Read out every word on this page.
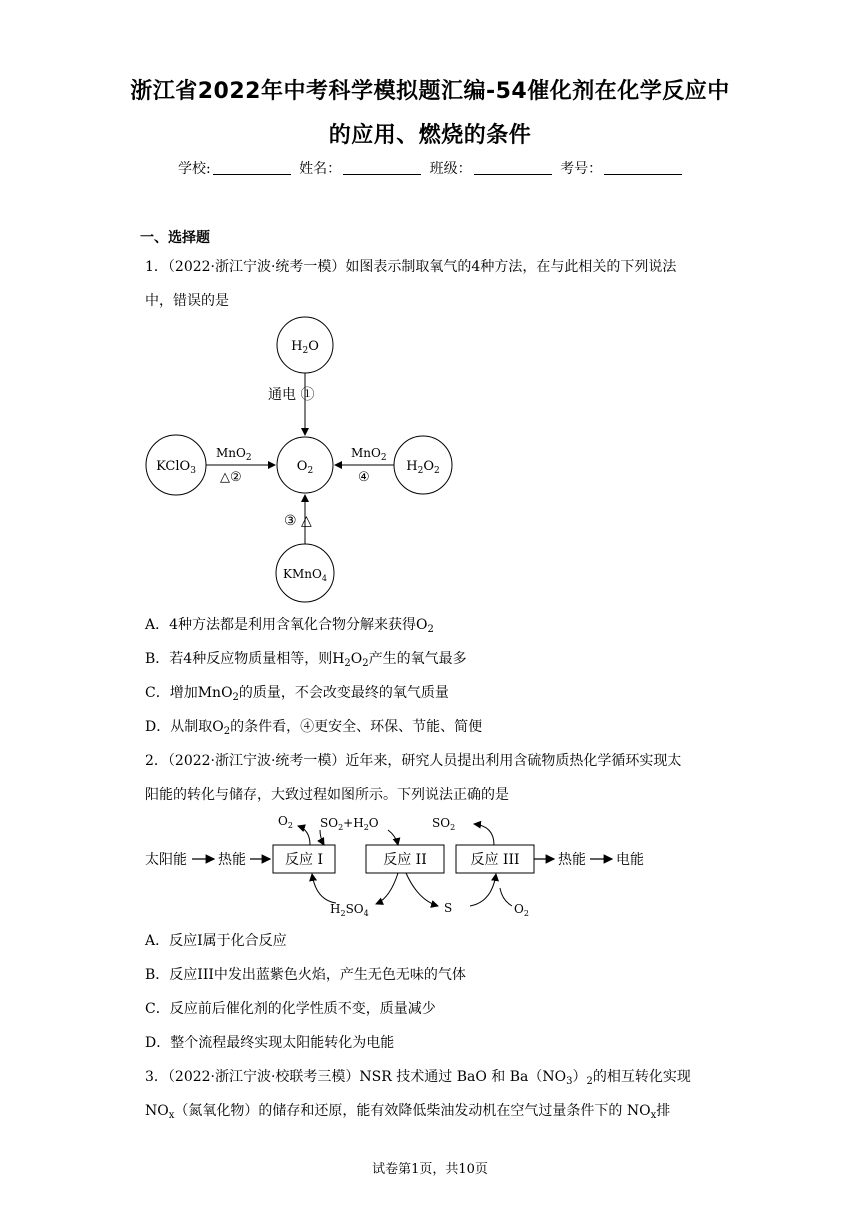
浙江省2022年中考科学模拟题汇编-54催化剂在化学反应中
的应用、燃烧的条件
学校:	姓名：	班级：	考号：
一、选择题
1．（2022·浙江宁波·统考一模）如图表示制取氧气的4种方法，在与此相关的下列说法
中，错误的是
$H_2O$
$O_2$
KClO$_3$	$H_2O_2$
KMnO$_4$
通电 ①
MnO$_2$
△②
MnO$_2$
④
③ △
A．4种方法都是利用含氧化合物分解来获得$O_2$
B．若4种反应物质量相等，则$H_2O_2$产生的氧气最多
C．增加MnO$_2$的质量，不会改变最终的氧气质量
D．从制取$O_2$的条件看，④更安全、环保、节能、简便
2．（2022·浙江宁波·统考一模）近年来，研究人员提出利用含硫物质热化学循环实现太
阳能的转化与储存，大致过程如图所示。下列说法正确的是
太阳能 热能	反应 I	反应 II	反应 III	热能 电能
$O_2$ $SO_2+H_2O$	$SO_2$
$H_2SO_4$	S	$O_2$
A．反应I属于化合反应
B．反应III中发出蓝紫色火焰，产生无色无味的气体
C．反应前后催化剂的化学性质不变，质量减少
D．整个流程最终实现太阳能转化为电能
3．（2022·浙江宁波·校联考三模）NSR 技术通过 BaO 和 $Ba(NO_3)_2$的相互转化实现
$NO_x$（氮氧化物）的储存和还原，能有效降低柴油发动机在空气过量条件下的 $NO_x$排
试卷第1页，共10页
